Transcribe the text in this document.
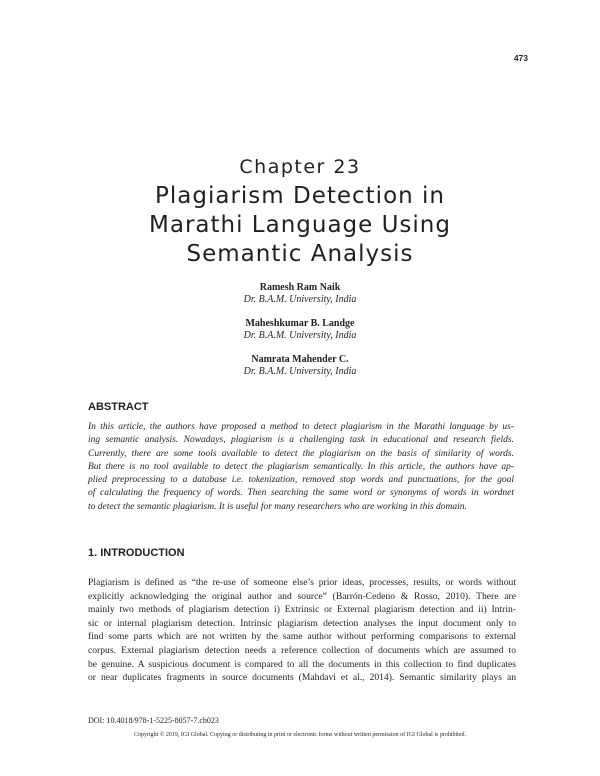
473
Chapter 23
Plagiarism Detection in
Marathi Language Using
Semantic Analysis
Ramesh Ram Naik
Dr. B.A.M. University, India
Maheshkumar B. Landge
Dr. B.A.M. University, India
Namrata Mahender C.
Dr. B.A.M. University, India
ABSTRACT

In this article, the authors have proposed a method to detect plagiarism in the Marathi language by us-
ing semantic analysis. Nowadays, plagiarism is a challenging task in educational and research fields.
Currently, there are some tools available to detect the plagiarism on the basis of similarity of words.
But there is no tool available to detect the plagiarism semantically. In this article, the authors have ap-
plied preprocessing to a database i.e. tokenization, removed stop words and punctuations, for the goal
of calculating the frequency of words. Then searching the same word or synonyms of words in wordnet
to detect the semantic plagiarism. It is useful for many researchers who are working in this domain.

1. INTRODUCTION

Plagiarism is defined as “the re-use of someone else’s prior ideas, processes, results, or words without
explicitly acknowledging the original author and source” (Barrón-Cedeno & Rosso, 2010). There are
mainly two methods of plagiarism detection i) Extrinsic or External plagiarism detection and ii) Intrin-
sic or internal plagiarism detection. Intrinsic plagiarism detection analyses the input document only to
find some parts which are not written by the same author without performing comparisons to external
corpus. External plagiarism detection needs a reference collection of documents which are assumed to
be genuine. A suspicious document is compared to all the documents in this collection to find duplicates
or near duplicates fragments in source documents (Mahdavi et al., 2014). Semantic similarity plays an

DOI: 10.4018/978-1-5225-8057-7.ch023
Copyright © 2019, IGI Global. Copying or distributing in print or electronic forms without written permission of IGI Global is prohibited.
